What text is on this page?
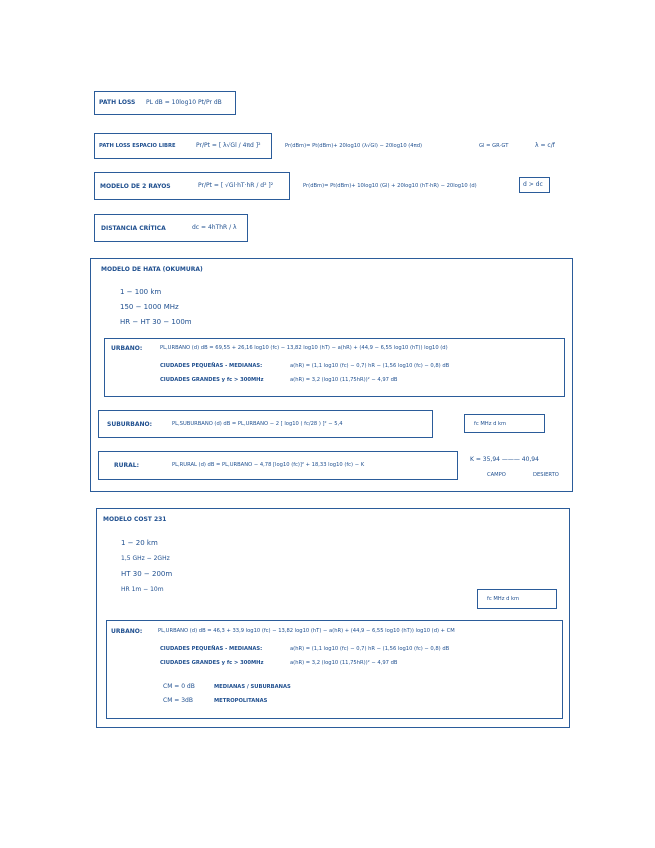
PATH LOSS PL dB = 10log10 Pt/Pr dB
PATH LOSS ESPACIO LIBRE	Pr/Pt = [ λ√Gl / 4πd ]²	Pr(dBm)= Pt(dBm)+ 20log10 (λ√Gl) − 20log10 (4πd)	Gl = GR·GT	λ = c/f
MODELO DE 2 RAYOS	Pr/Pt = [ √Gl·hT·hR / d² ]²	Pr(dBm)= Pt(dBm)+ 10log10 (Gl) + 20log10 (hT·hR) − 20log10 (d)	d > dc
DISTANCIA CRÍTICA	dc = 4hThR / λ
MODELO DE HATA (OKUMURA)
1 − 100 km
150 − 1000 MHz
HR − HT 30 − 100m
URBANO:	PL,URBANO (d) dB = 69,55 + 26,16 log10 (fc) − 13,82 log10 (hT) − a(hR) + (44,9 − 6,55 log10 (hT)) log10 (d)
CIUDADES PEQUEÑAS - MEDIANAS:	a(hR) = (1,1 log10 (fc) − 0,7) hR − (1,56 log10 (fc) − 0,8) dB
CIUDADES GRANDES y fc > 300MHz	a(hR) = 3,2 (log10 (11,75hR))² − 4,97 dB
SUBURBANO:	PL,SUBURBANO (d) dB = PL,URBANO − 2 [ log10 ( fc/28 ) ]² − 5,4	fc MHz d km
RURAL:	PL,RURAL (d) dB = PL,URBANO − 4,78 [log10 (fc)]² + 18,33 log10 (fc) − K
K = 35,94 ——— 40,94
CAMPO	DESIERTO
MODELO COST 231
1 − 20 km
1,5 GHz − 2GHz
HT 30 − 200m
HR 1m − 10m
fc MHz d km
URBANO:	PL,URBANO (d) dB = 46,3 + 33,9 log10 (fc) − 13,82 log10 (hT) − a(hR) + (44,9 − 6,55 log10 (hT)) log10 (d) + CM
CIUDADES PEQUEÑAS - MEDIANAS:	a(hR) = (1,1 log10 (fc) − 0,7) hR − (1,56 log10 (fc) − 0,8) dB
CIUDADES GRANDES y fc > 300MHz	a(hR) = 3,2 (log10 (11,75hR))² − 4,97 dB
CM = 0 dB	MEDIANAS / SUBURBANAS
CM = 3dB	METROPOLITANAS
